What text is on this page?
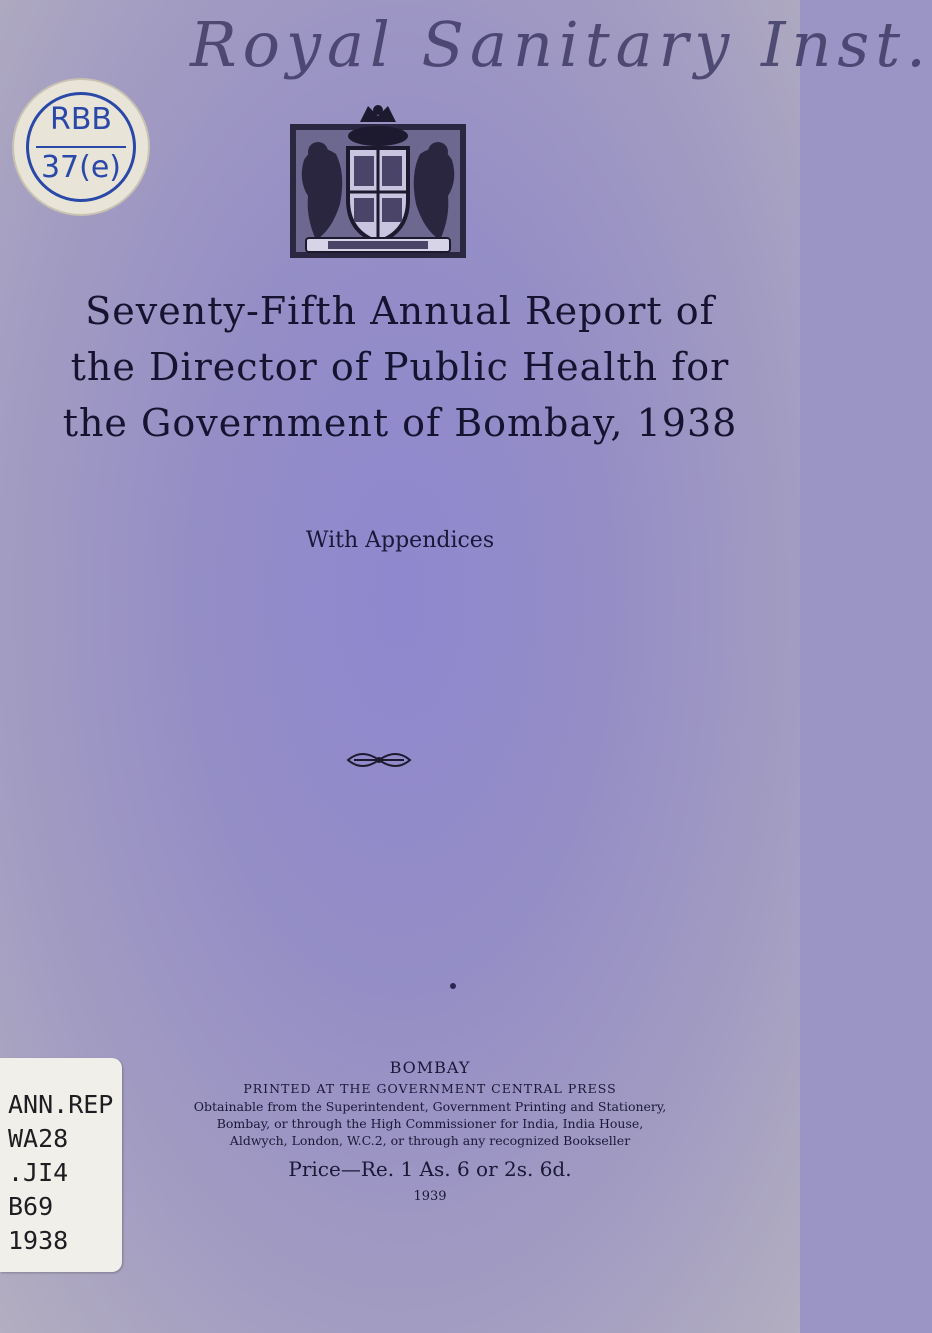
Royal Sanitary Inst.
RBB
37(e)
Seventy-Fifth Annual Report of
the Director of Public Health for
the Government of Bombay, 1938
With Appendices
BOMBAY
PRINTED AT THE GOVERNMENT CENTRAL PRESS
Obtainable from the Superintendent, Government Printing and Stationery,
Bombay, or through the High Commissioner for India, India House,
Aldwych, London, W.C.2, or through any recognized Bookseller
Price—Re. 1 As. 6 or 2s. 6d.
1939
ANN.REP
WA28
.JI4
B69
1938
